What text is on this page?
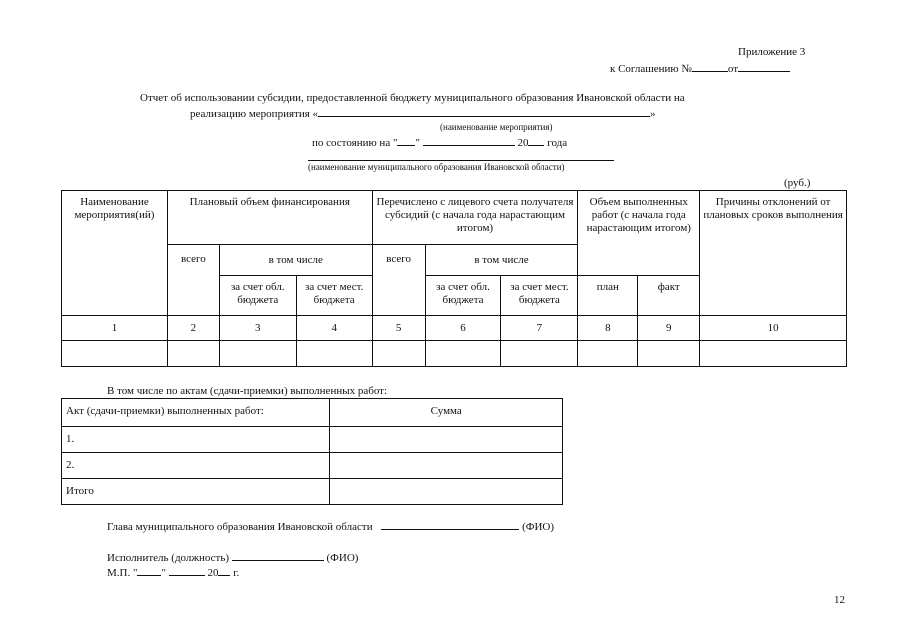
Приложение 3
к Соглашению №	от
Отчет об использовании субсидии, предоставленной бюджету муниципального образования Ивановской области на
реализацию мероприятия «	»
(наименование мероприятия)
по состоянию на " "	20 года
(наименование муниципального образования Ивановской области)
(руб.)
Наименование мероприятия(ий)	Плановый объем финансирования			Перечислено с лицевого счета получателя субсидий (с начала года нарастающим итогом)			Объем выполненных работ (с начала года нарастающим итогом)		Причины отклонений от плановых сроков выполнения
	всего	в том числе		всего	в том числе				
		за счет обл. бюджета	за счет мест. бюджета		за счет обл. бюджета	за счет мест. бюджета	план	факт	
1	2	3	4	5	6	7	8	9	10

В том числе по актам (сдачи-приемки) выполненных работ:
Акт (сдачи-приемки) выполненных работ:	Сумма
1.	
2.	
Итого	
Глава муниципального образования Ивановской области	(ФИО)
Исполнитель (должность)	(ФИО)
М.П. " "	20 г.
12
